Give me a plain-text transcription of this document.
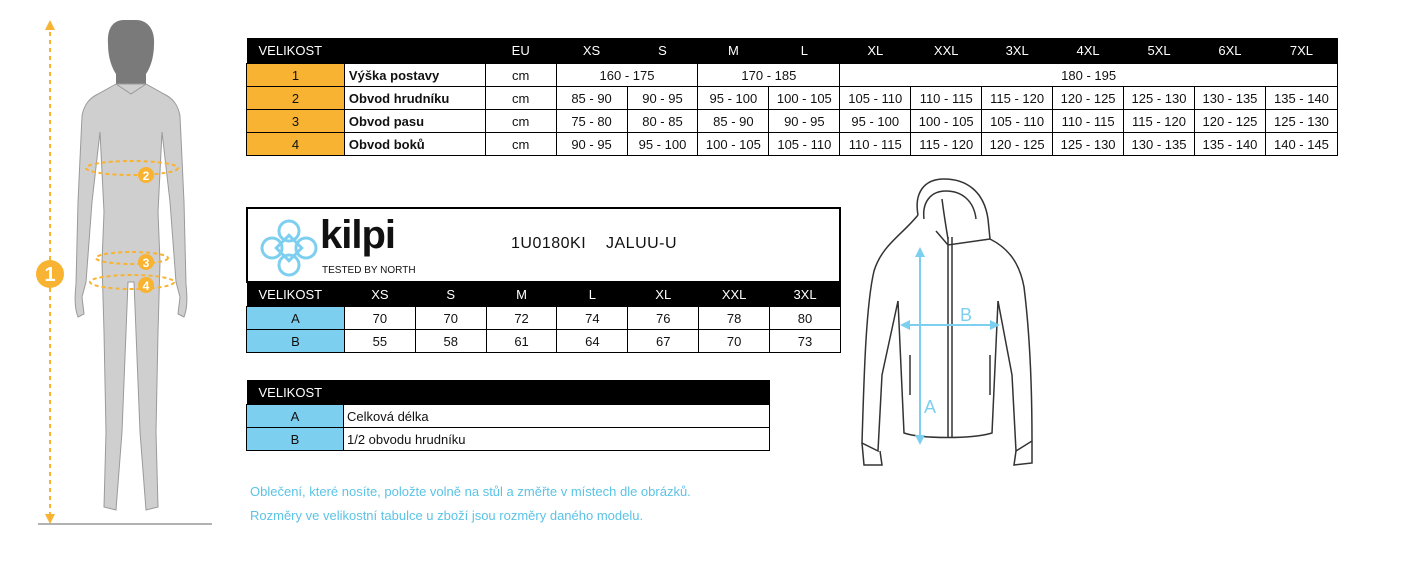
2
3
4
1
VELIKOST		EU	XS	S	M	L	XL	XXL	3XL	4XL	5XL	6XL	7XL
1	Výška postavy	cm	160 - 175		170 - 185		180 - 195						
2	Obvod hrudníku	cm	85 - 90	90 - 95	95 - 100	100 - 105	105 - 110	110 - 115	115 - 120	120 - 125	125 - 130	130 - 135	135 - 140
3	Obvod pasu	cm	75 - 80	80 - 85	85 - 90	90 - 95	95 - 100	100 - 105	105 - 110	110 - 115	115 - 120	120 - 125	125 - 130
4	Obvod boků	cm	90 - 95	95 - 100	100 - 105	105 - 110	110 - 115	115 - 120	120 - 125	125 - 130	130 - 135	135 - 140	140 - 145
kilpi
TESTED BY NORTH
1U0180KI JALUU-U
VELIKOST	XS	S	M	L	XL	XXL	3XL
A	70	70	72	74	76	78	80
B	55	58	61	64	67	70	73
VELIKOST	
A	Celková délka
B	1/2 obvodu hrudníku
Oblečení, které nosíte, položte volně na stůl a změřte v místech dle obrázků.
Rozměry ve velikostní tabulce u zboží jsou rozměry daného modelu.
A
B
